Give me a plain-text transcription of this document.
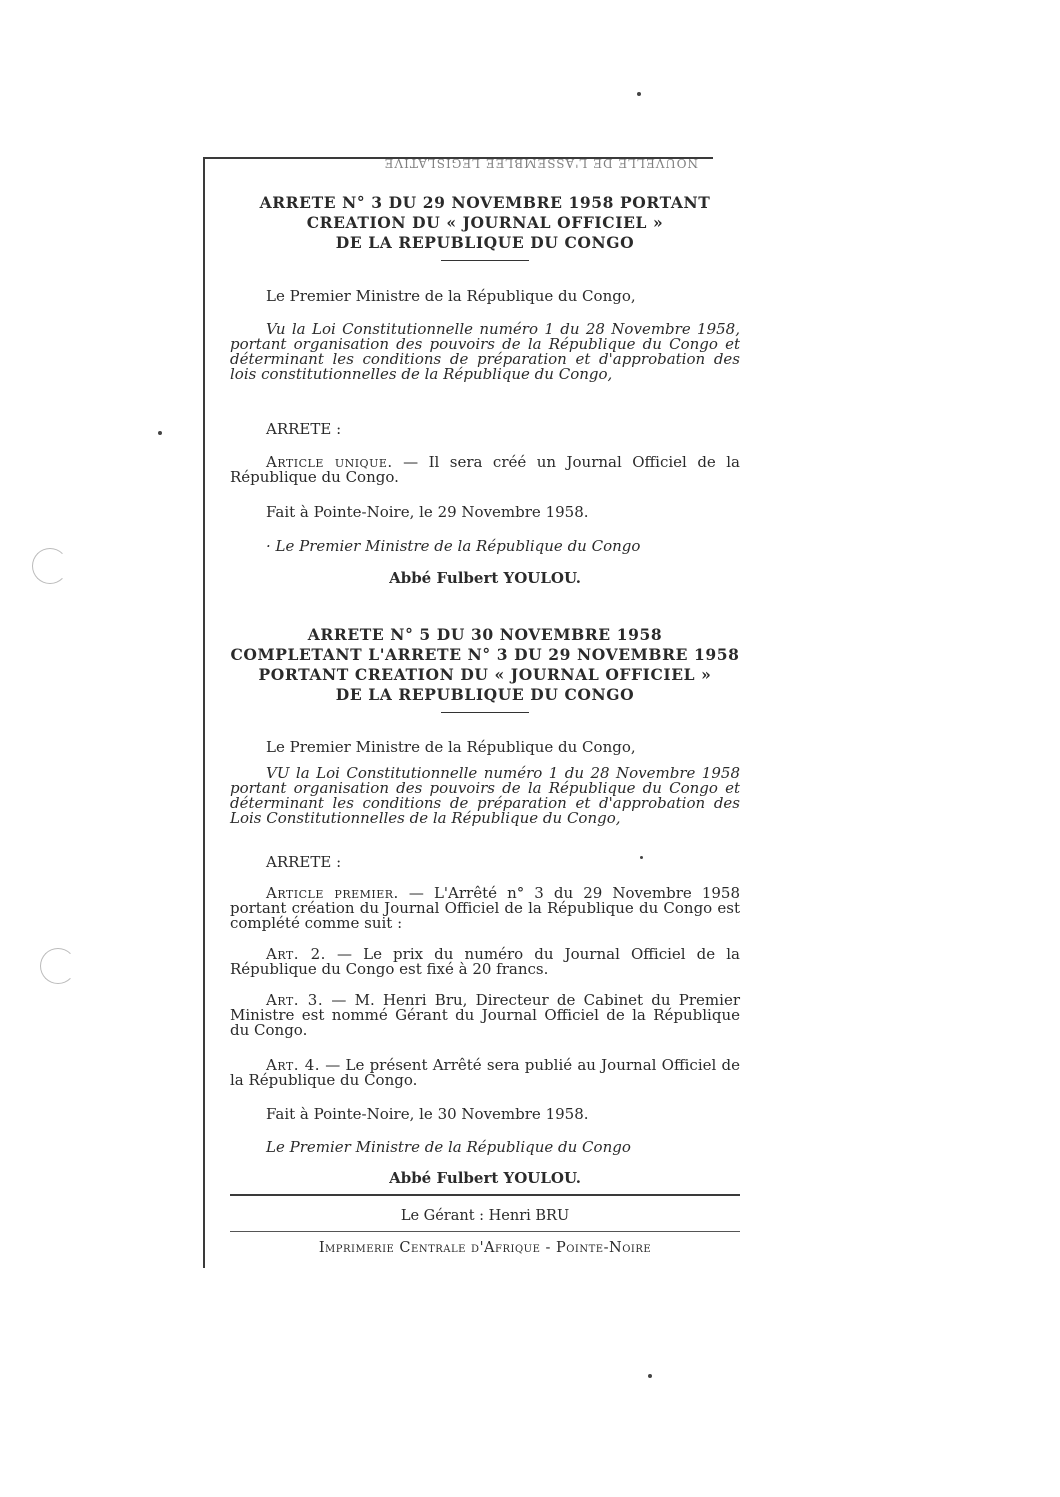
NOUVELLE DE L'ASSEMBLEE LEGISLATIVE

ARRETE N° 3 DU 29 NOVEMBRE 1958 PORTANT

CREATION DU « JOURNAL OFFICIEL »

DE LA REPUBLIQUE DU CONGO

Le Premier Ministre de la République du Congo,

Vu la Loi Constitutionnelle numéro 1 du 28 Novembre 1958, portant organisation des pouvoirs de la République du Congo et déterminant les conditions de préparation et d'approbation des lois constitutionnelles de la République du Congo,

ARRETE :

Article unique. — Il sera créé un Journal Officiel de la République du Congo.

Fait à Pointe-Noire, le 29 Novembre 1958.

· Le Premier Ministre de la République du Congo

Abbé Fulbert YOULOU.

ARRETE N° 5 DU 30 NOVEMBRE 1958

COMPLETANT L'ARRETE N° 3 DU 29 NOVEMBRE 1958

PORTANT CREATION DU « JOURNAL OFFICIEL »

DE LA REPUBLIQUE DU CONGO

Le Premier Ministre de la République du Congo,

VU la Loi Constitutionnelle numéro 1 du 28 Novembre 1958 portant organisation des pouvoirs de la République du Congo et déterminant les conditions de préparation et d'approbation des Lois Constitutionnelles de la République du Congo,

ARRETE :

Article premier. — L'Arrêté n° 3 du 29 Novembre 1958 portant création du Journal Officiel de la République du Congo est complété comme suit :

Art. 2. — Le prix du numéro du Journal Officiel de la République du Congo est fixé à 20 francs.

Art. 3. — M. Henri Bru, Directeur de Cabinet du Premier Ministre est nommé Gérant du Journal Officiel de la République du Congo.

Art. 4. — Le présent Arrêté sera publié au Journal Officiel de la République du Congo.

Fait à Pointe-Noire, le 30 Novembre 1958.

Le Premier Ministre de la République du Congo

Abbé Fulbert YOULOU.

Le Gérant : Henri BRU
Imprimerie Centrale d'Afrique - Pointe-Noire
